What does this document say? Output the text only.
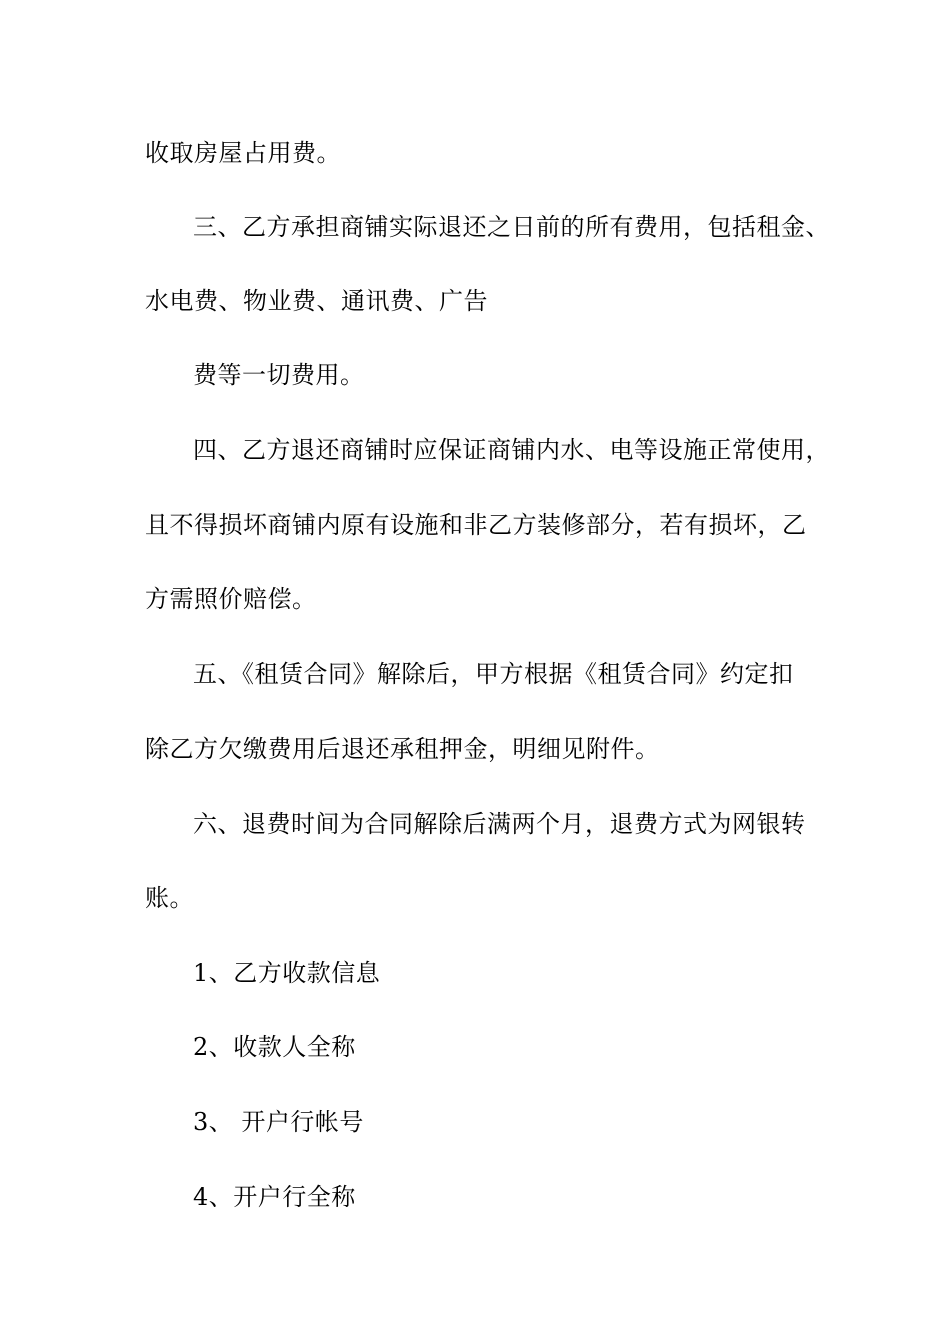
收取房屋占用费。
三、乙方承担商铺实际退还之日前的所有费用，包括租金、
水电费、物业费、通讯费、广告
费等一切费用。
四、乙方退还商铺时应保证商铺内水、电等设施正常使用，
且不得损坏商铺内原有设施和非乙方装修部分，若有损坏，乙
方需照价赔偿。
五、《租赁合同》解除后，甲方根据《租赁合同》约定扣
除乙方欠缴费用后退还承租押金，明细见附件。
六、退费时间为合同解除后满两个月，退费方式为网银转
账。
1、乙方收款信息
2、收款人全称
3、 开户行帐号
4、开户行全称
